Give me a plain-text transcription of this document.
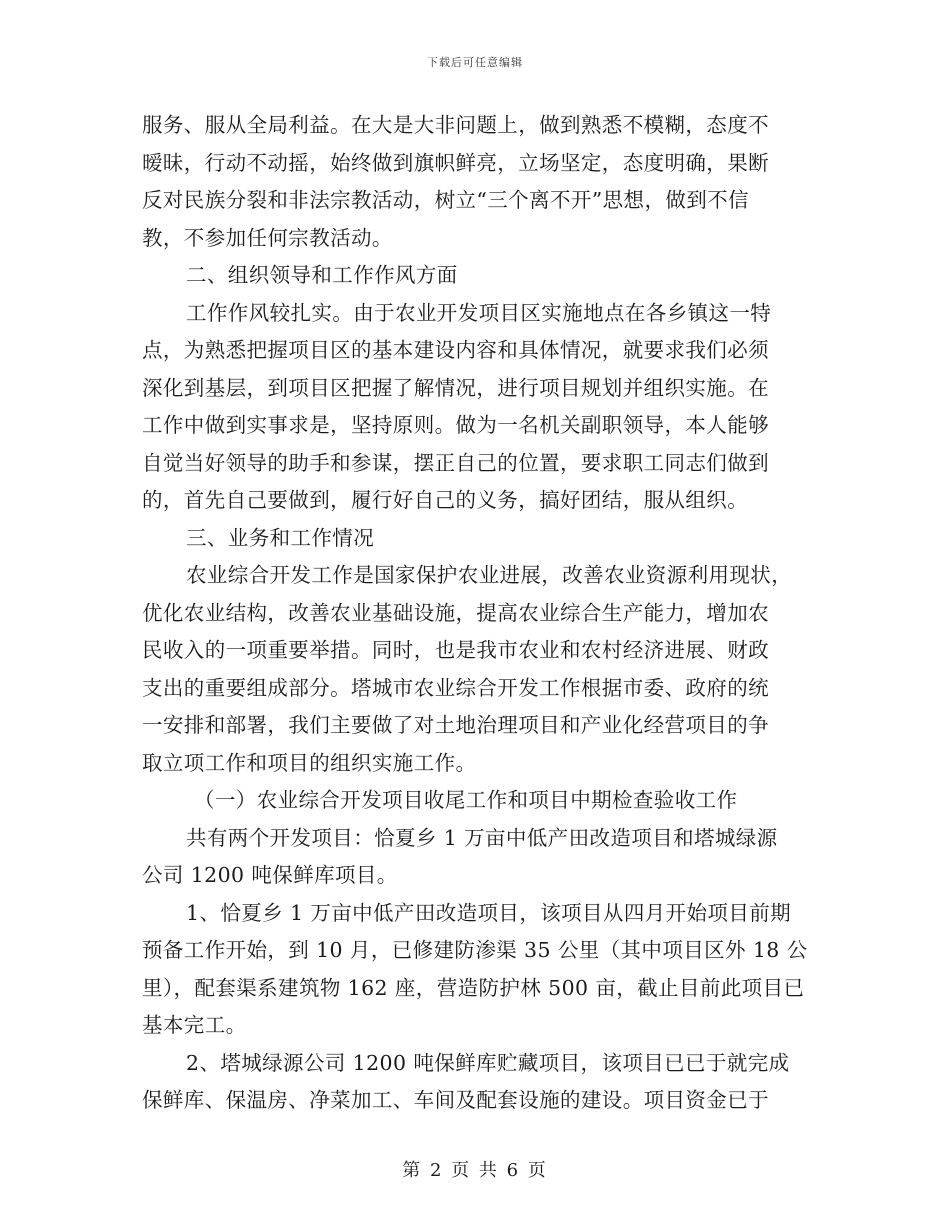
下载后可任意编辑
服务、服从全局利益。在大是大非问题上，做到熟悉不模糊，态度不
暧昧，行动不动摇，始终做到旗帜鲜亮，立场坚定，态度明确，果断
反对民族分裂和非法宗教活动，树立“三个离不开”思想，做到不信
教，不参加任何宗教活动。
二、组织领导和工作作风方面
工作作风较扎实。由于农业开发项目区实施地点在各乡镇这一特
点，为熟悉把握项目区的基本建设内容和具体情况，就要求我们必须
深化到基层，到项目区把握了解情况，进行项目规划并组织实施。在
工作中做到实事求是，坚持原则。做为一名机关副职领导，本人能够
自觉当好领导的助手和参谋，摆正自己的位置，要求职工同志们做到
的，首先自己要做到，履行好自己的义务，搞好团结，服从组织。
三、业务和工作情况
农业综合开发工作是国家保护农业进展，改善农业资源利用现状，
优化农业结构，改善农业基础设施，提高农业综合生产能力，增加农
民收入的一项重要举措。同时，也是我市农业和农村经济进展、财政
支出的重要组成部分。塔城市农业综合开发工作根据市委、政府的统
一安排和部署，我们主要做了对土地治理项目和产业化经营项目的争
取立项工作和项目的组织实施工作。
（一）农业综合开发项目收尾工作和项目中期检查验收工作
共有两个开发项目：恰夏乡 1 万亩中低产田改造项目和塔城绿源
公司 1200 吨保鲜库项目。
1、恰夏乡 1 万亩中低产田改造项目，该项目从四月开始项目前期
预备工作开始，到 10 月，已修建防渗渠 35 公里（其中项目区外 18 公
里），配套渠系建筑物 162 座，营造防护林 500 亩，截止目前此项目已
基本完工。
2、塔城绿源公司 1200 吨保鲜库贮藏项目，该项目已已于就完成
保鲜库、保温房、净菜加工、车间及配套设施的建设。项目资金已于
第 2 页 共 6 页
